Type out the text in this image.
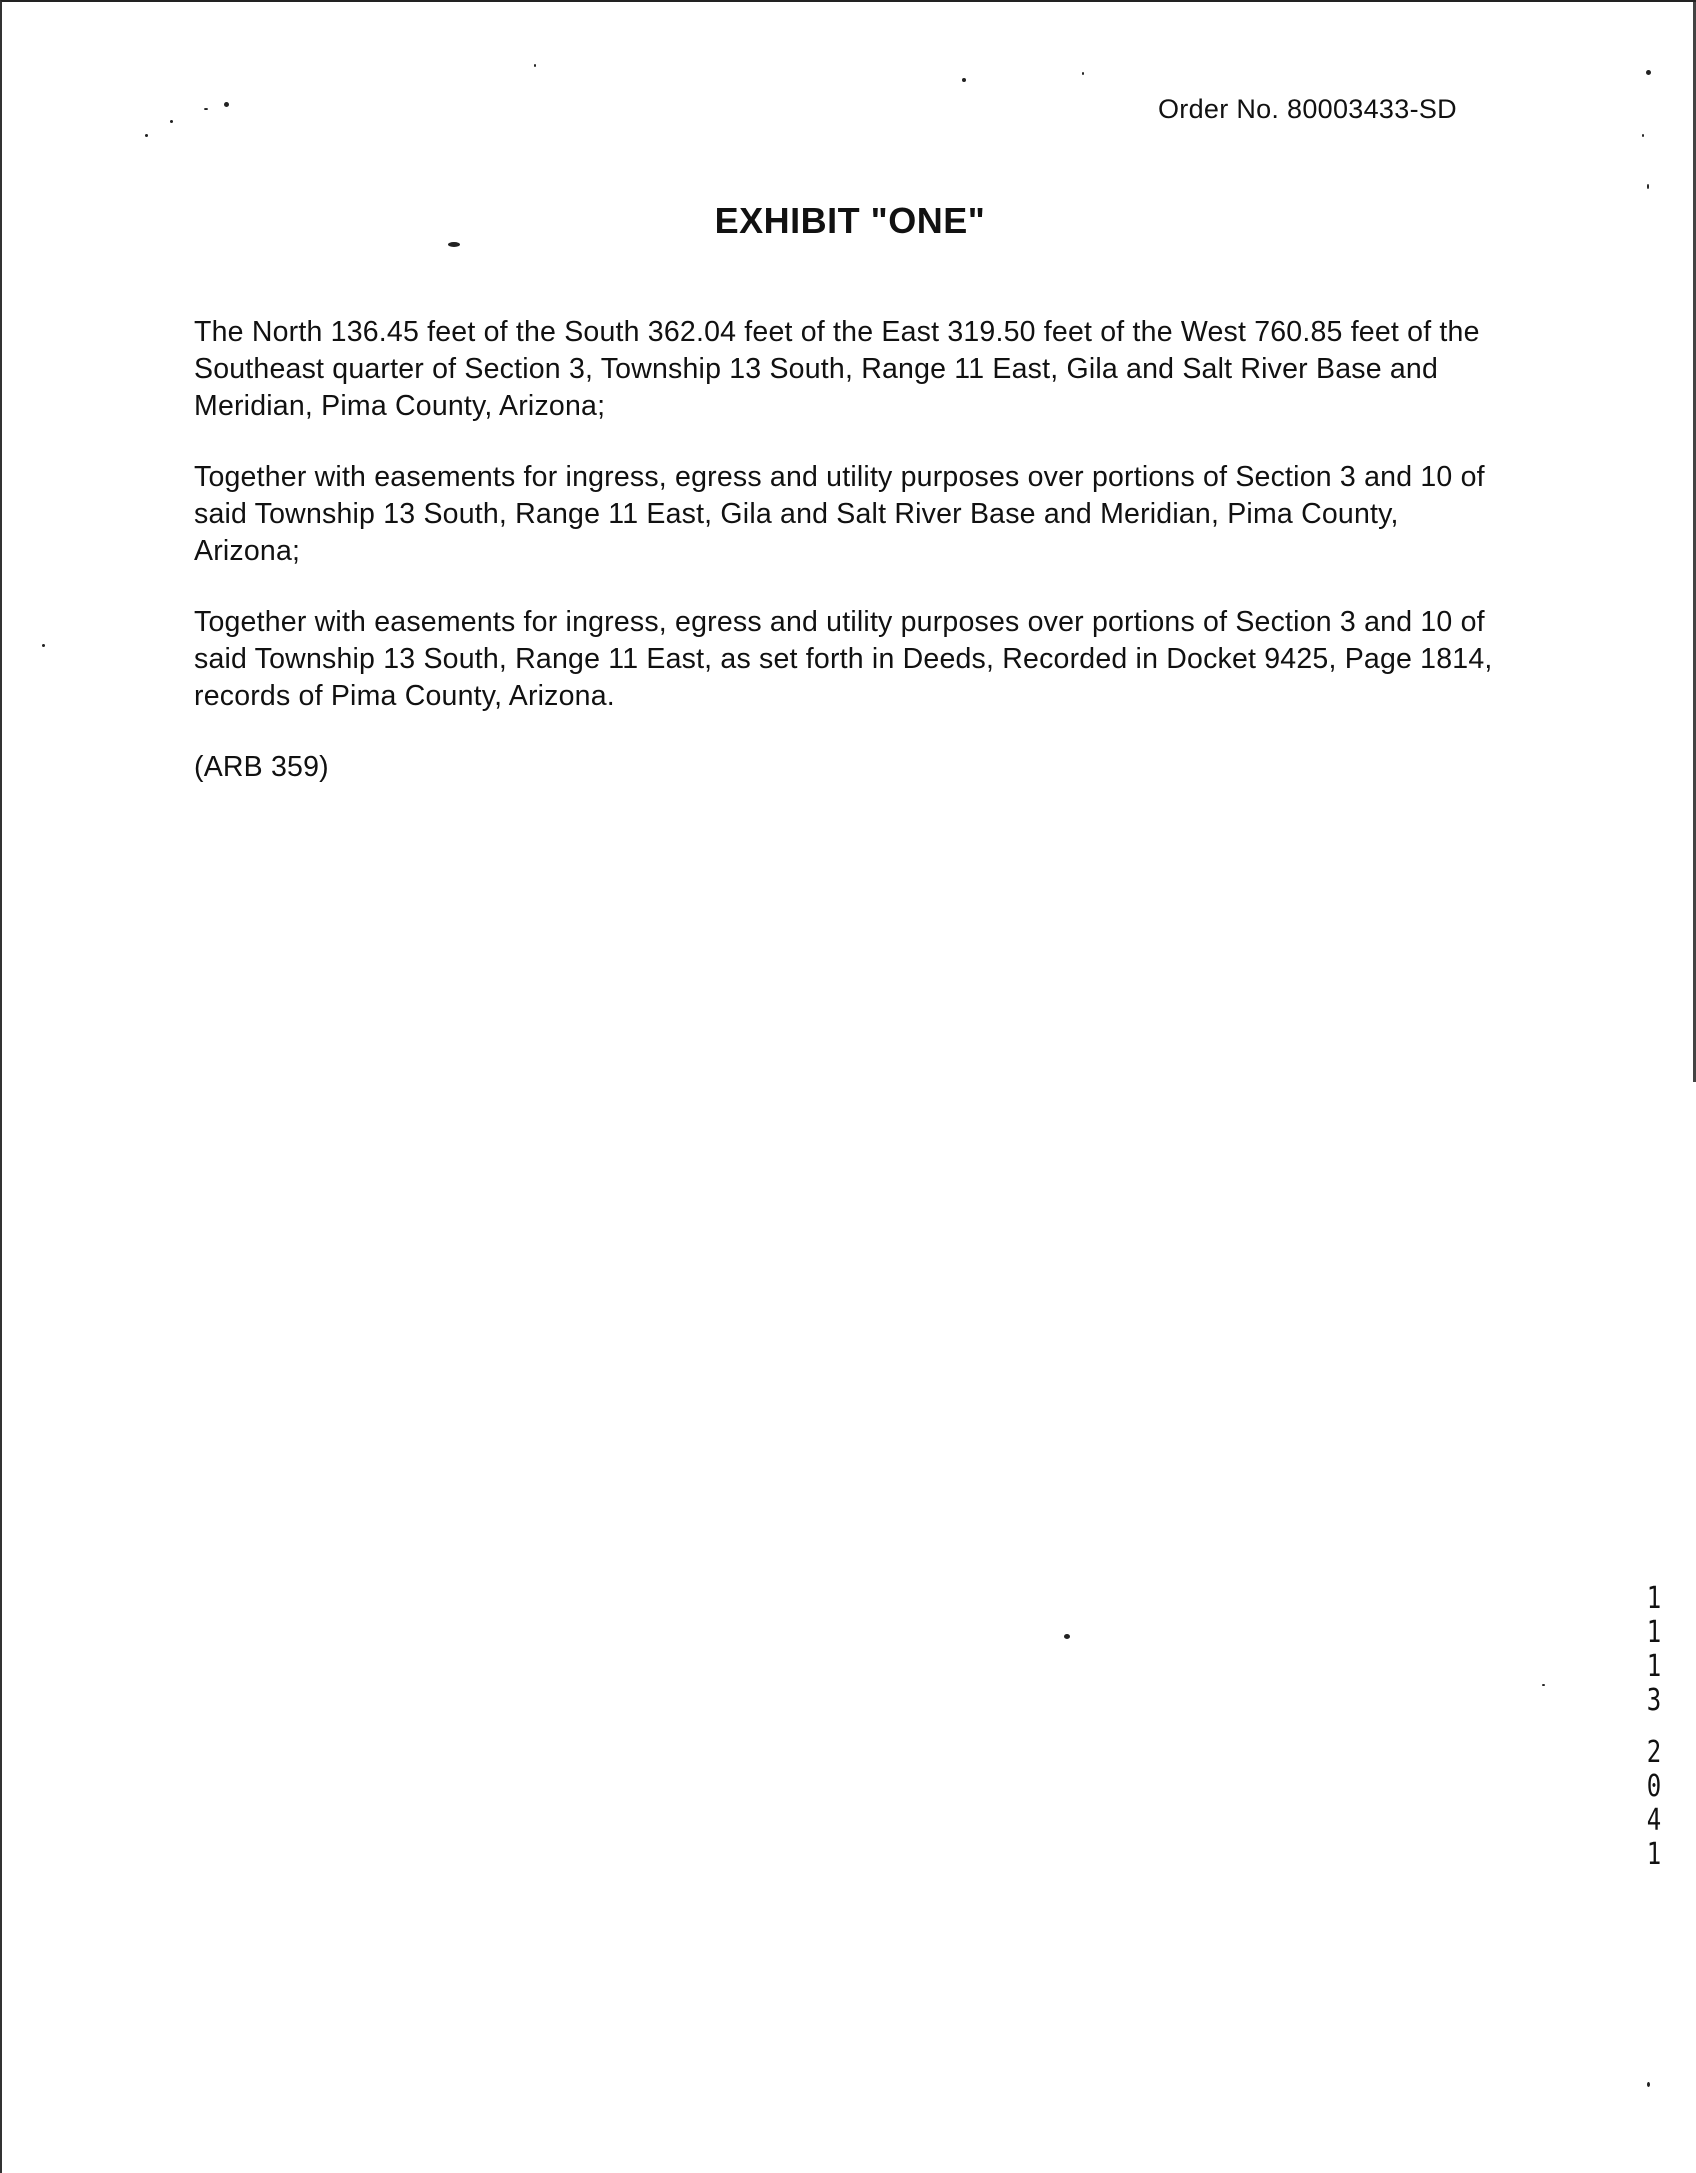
Order No. 80003433-SD
EXHIBIT "ONE"

The North 136.45 feet of the South 362.04 feet of the East 319.50 feet of the West 760.85 feet of the Southeast quarter of Section 3, Township 13 South, Range 11 East, Gila and Salt River Base and Meridian, Pima County, Arizona;

Together with easements for ingress, egress and utility purposes over portions of Section 3 and 10 of said Township 13 South, Range 11 East, Gila and Salt River Base and Meridian, Pima County, Arizona;

Together with easements for ingress, egress and utility purposes over portions of Section 3 and 10 of said Township 13 South, Range 11 East, as set forth in Deeds, Recorded in Docket 9425, Page 1814, records of Pima County, Arizona.

(ARB 359)

1
1
1
3
2
0
4
1
